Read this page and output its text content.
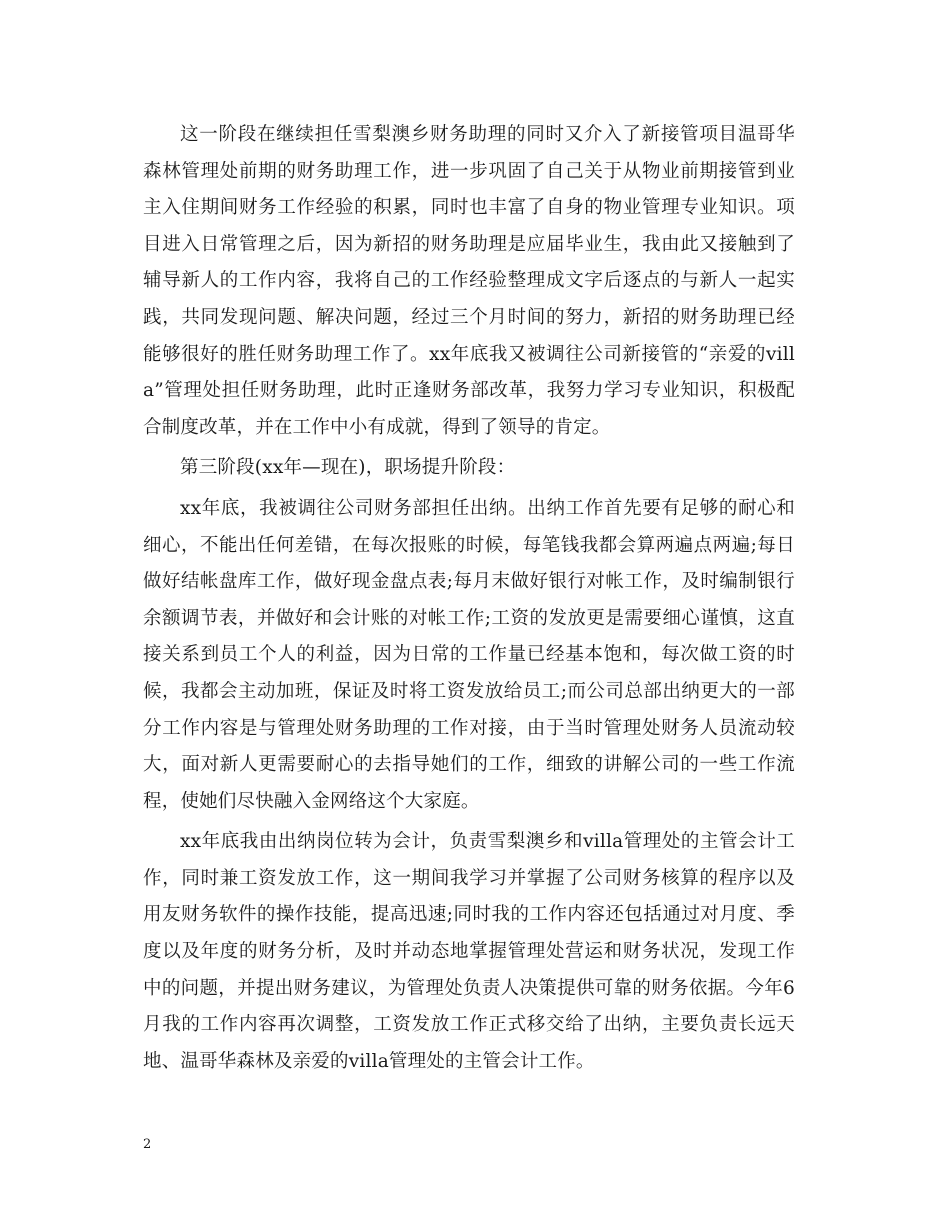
这一阶段在继续担任雪梨澳乡财务助理的同时又介入了新接管项目温哥华森林管理处前期的财务助理工作，进一步巩固了自己关于从物业前期接管到业主入住期间财务工作经验的积累，同时也丰富了自身的物业管理专业知识。项目进入日常管理之后，因为新招的财务助理是应届毕业生，我由此又接触到了辅导新人的工作内容，我将自己的工作经验整理成文字后逐点的与新人一起实践，共同发现问题、解决问题，经过三个月时间的努力，新招的财务助理已经能够很好的胜任财务助理工作了。xx年底我又被调往公司新接管的“亲爱的villa”管理处担任财务助理，此时正逢财务部改革，我努力学习专业知识，积极配合制度改革，并在工作中小有成就，得到了领导的肯定。

第三阶段(xx年—现在)，职场提升阶段：

xx年底，我被调往公司财务部担任出纳。出纳工作首先要有足够的耐心和细心，不能出任何差错，在每次报账的时候，每笔钱我都会算两遍点两遍;每日做好结帐盘库工作，做好现金盘点表;每月末做好银行对帐工作，及时编制银行余额调节表，并做好和会计账的对帐工作;工资的发放更是需要细心谨慎，这直接关系到员工个人的利益，因为日常的工作量已经基本饱和，每次做工资的时候，我都会主动加班，保证及时将工资发放给员工;而公司总部出纳更大的一部分工作内容是与管理处财务助理的工作对接，由于当时管理处财务人员流动较大，面对新人更需要耐心的去指导她们的工作，细致的讲解公司的一些工作流程，使她们尽快融入金网络这个大家庭。

xx年底我由出纳岗位转为会计，负责雪梨澳乡和villa管理处的主管会计工作，同时兼工资发放工作，这一期间我学习并掌握了公司财务核算的程序以及用友财务软件的操作技能，提高迅速;同时我的工作内容还包括通过对月度、季度以及年度的财务分析，及时并动态地掌握管理处营运和财务状况，发现工作中的问题，并提出财务建议，为管理处负责人决策提供可靠的财务依据。今年6月我的工作内容再次调整，工资发放工作正式移交给了出纳，主要负责长远天地、温哥华森林及亲爱的villa管理处的主管会计工作。

2
